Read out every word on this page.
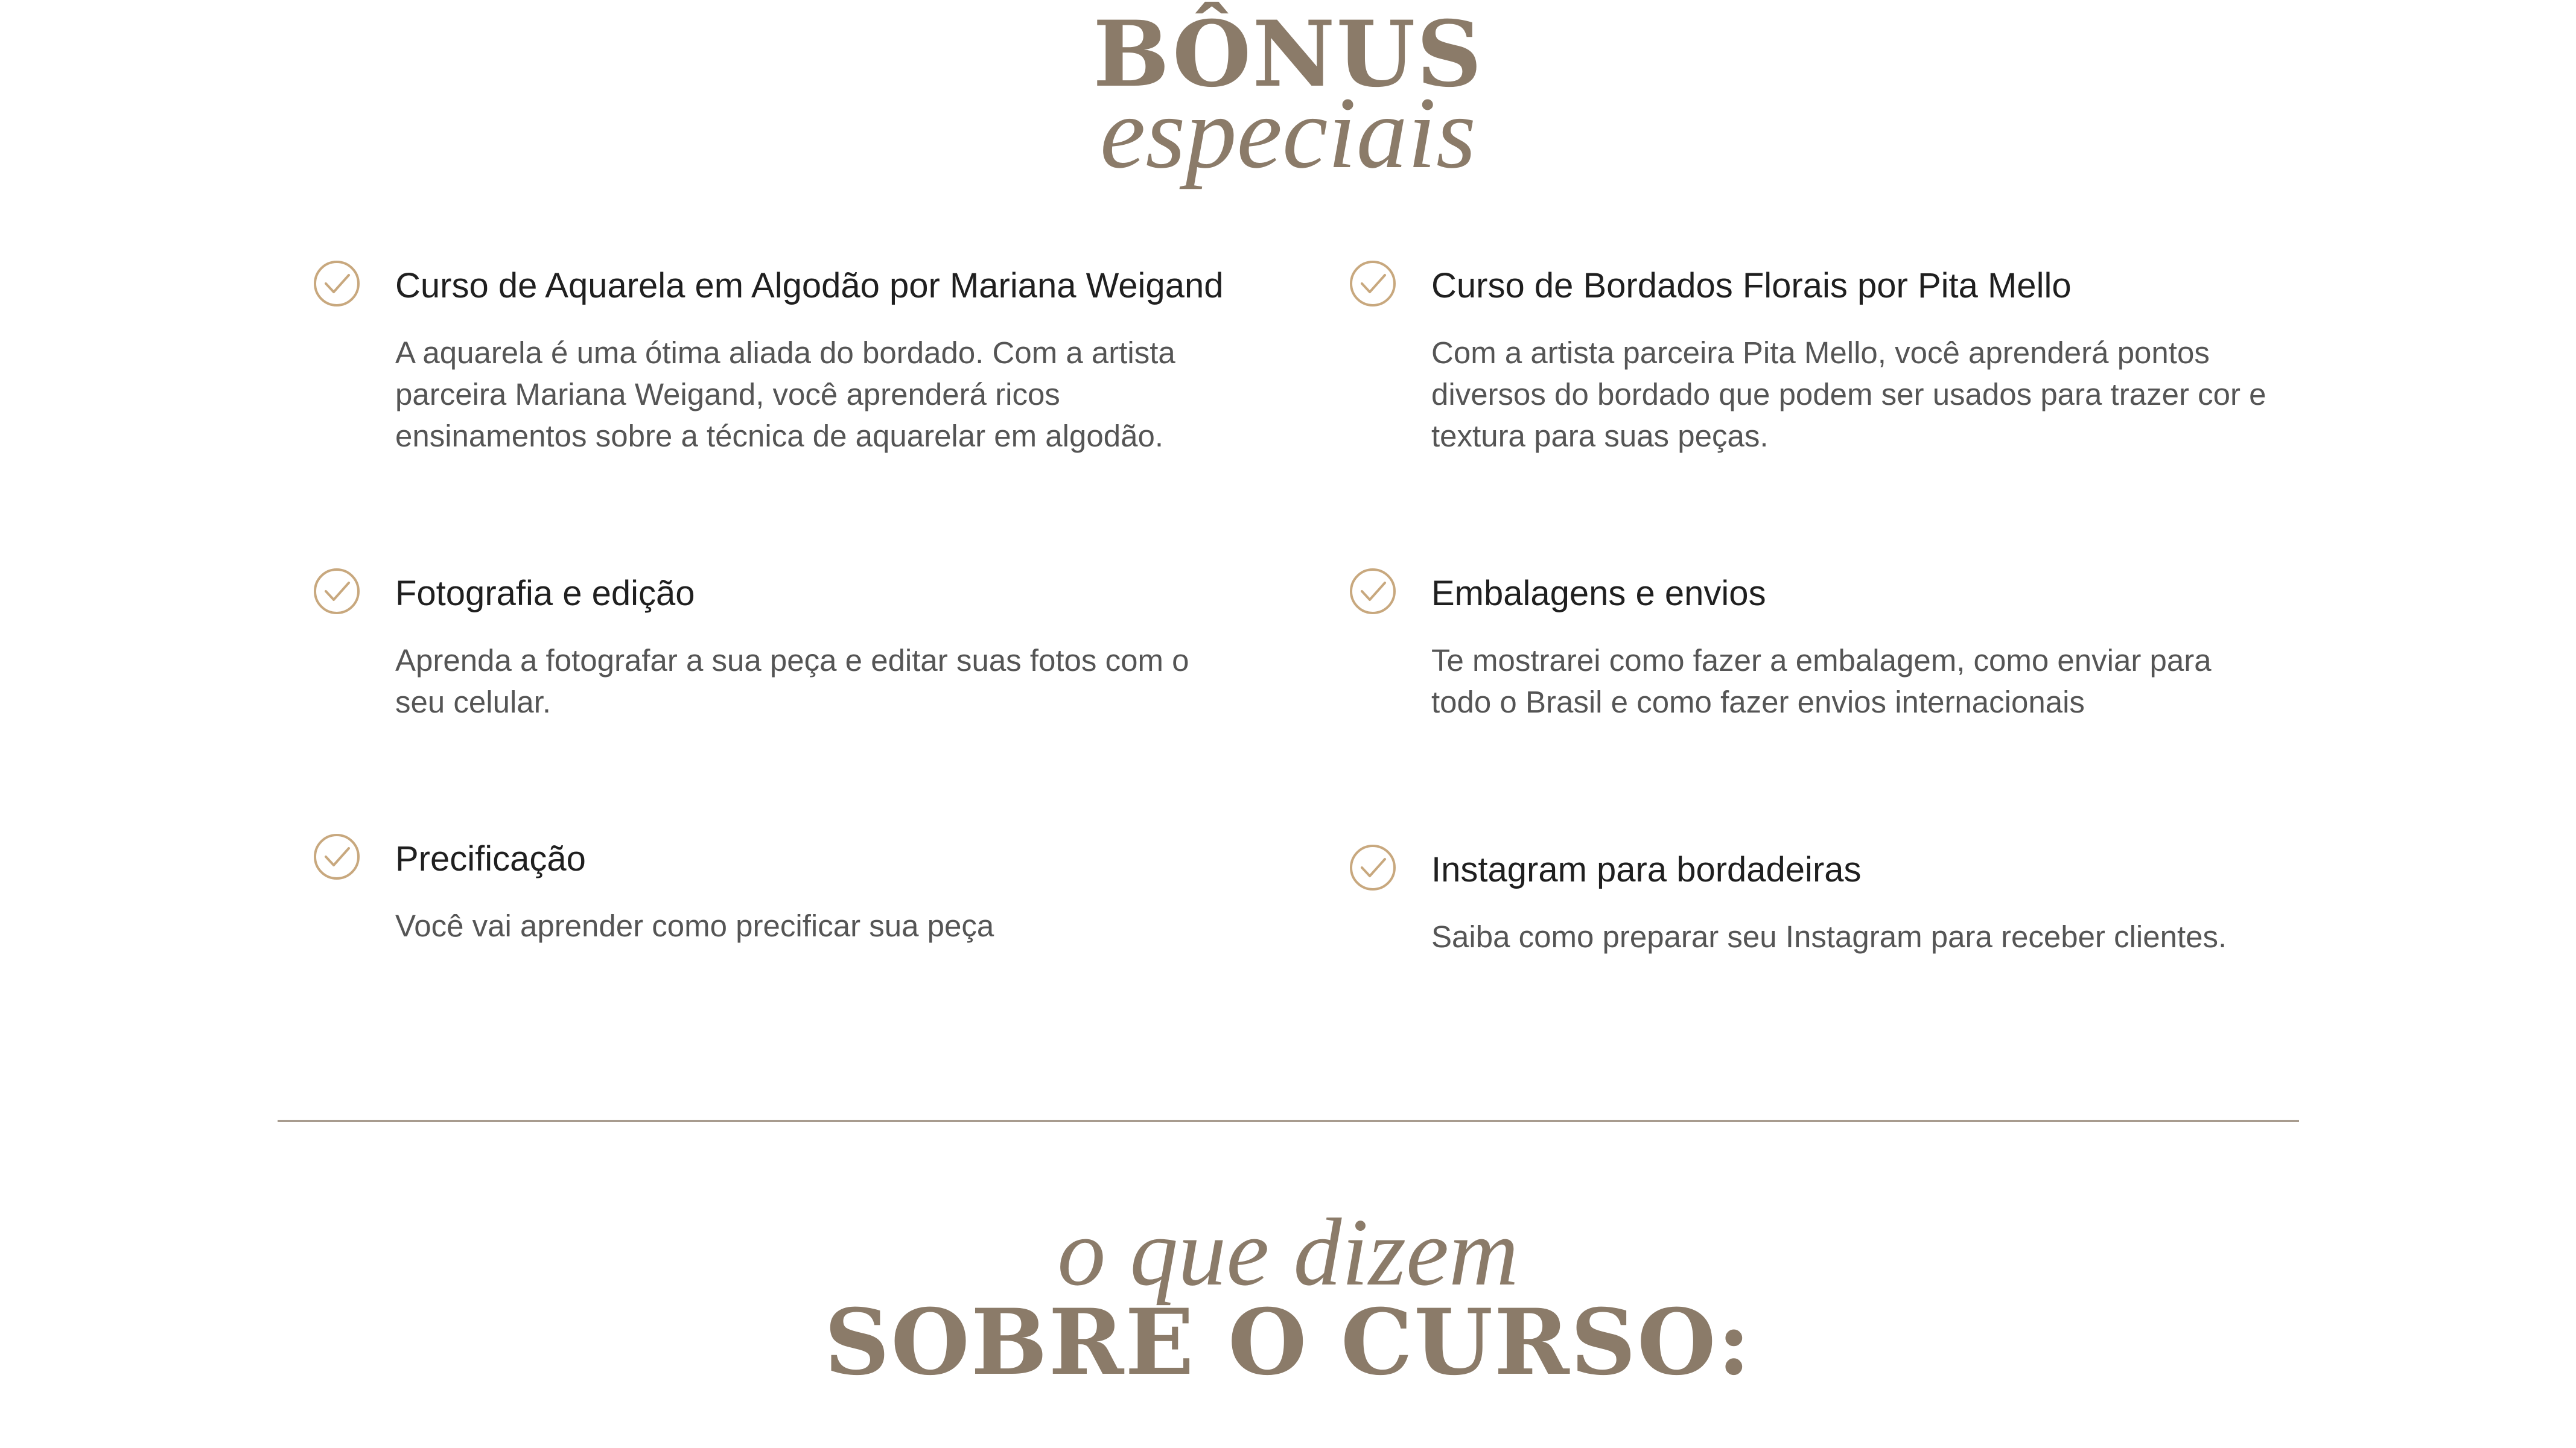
BÔNUS
especiais
Curso de Aquarela em Algodão por Mariana Weigand
A aquarela é uma ótima aliada do bordado. Com a artista parceira Mariana Weigand, você aprenderá ricos ensinamentos sobre a técnica de aquarelar em algodão.
Curso de Bordados Florais por Pita Mello
Com a artista parceira Pita Mello, você aprenderá pontos diversos do bordado que podem ser usados para trazer cor e textura para suas peças.
Fotografia e edição
Aprenda a fotografar a sua peça e editar suas fotos com o seu celular.
Embalagens e envios
Te mostrarei como fazer a embalagem, como enviar para todo o Brasil e como fazer envios internacionais
Precificação
Você vai aprender como precificar sua peça
Instagram para bordadeiras
Saiba como preparar seu Instagram para receber clientes.
o que dizem
SOBRE O CURSO:
